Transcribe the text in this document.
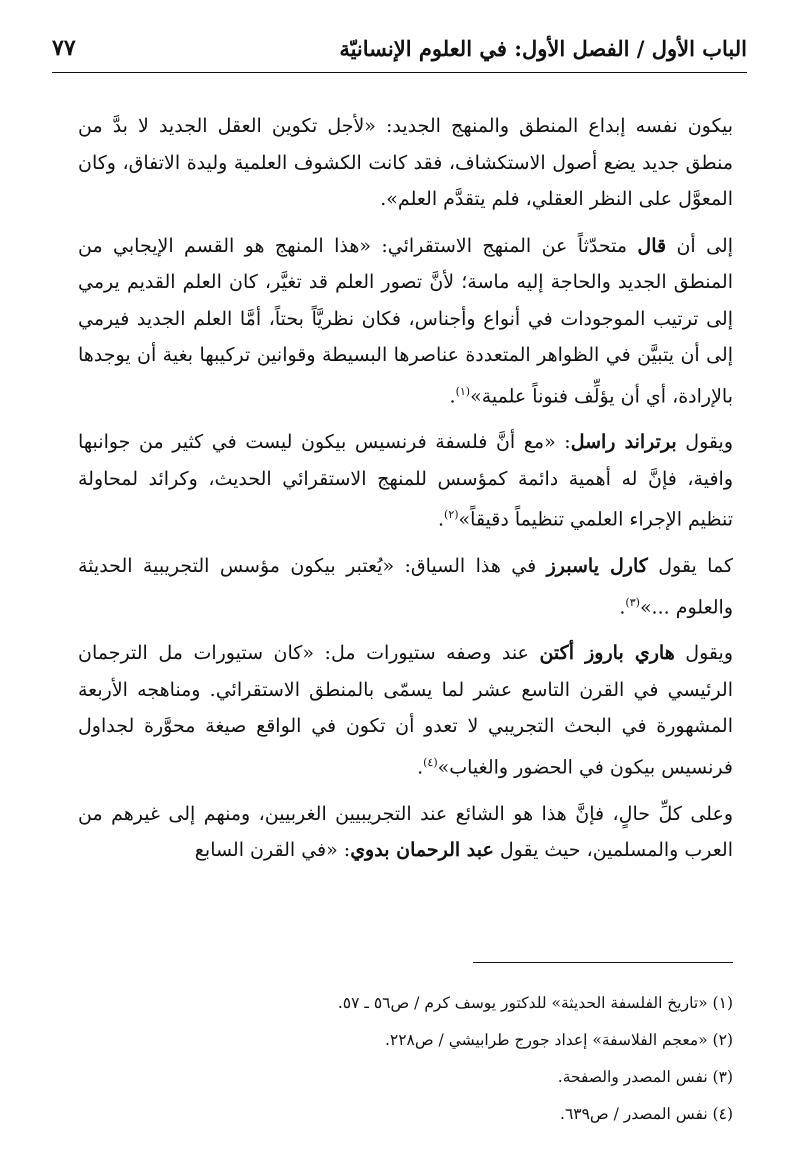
٧٧	الباب الأول / الفصل الأول: في العلوم الإنسانيّة

بيكون نفسه إبداع المنطق والمنهج الجديد: «لأجل تكوين العقل الجديد لا بدَّ من منطق جديد يضع أصول الاستكشاف، فقد كانت الكشوف العلمية وليدة الاتفاق، وكان المعوَّل على النظر العقلي، فلم يتقدَّم العلم».

إلى أن قال متحدّثاً عن المنهج الاستقرائي: «هذا المنهج هو القسم الإيجابي من المنطق الجديد والحاجة إليه ماسة؛ لأنَّ تصور العلم قد تغيَّر، كان العلم القديم يرمي إلى ترتيب الموجودات في أنواع وأجناس، فكان نظريَّاً بحتاً، أمَّا العلم الجديد فيرمي إلى أن يتبيَّن في الظواهر المتعددة عناصرها البسيطة وقوانين تركيبها بغية أن يوجدها بالإرادة، أي أن يؤلِّف فنوناً علمية»$^{(١)}$.

ويقول برتراند راسل: «مع أنَّ فلسفة فرنسيس بيكون ليست في كثير من جوانبها وافية، فإنَّ له أهمية دائمة كمؤسس للمنهج الاستقرائي الحديث، وكرائد لمحاولة تنظيم الإجراء العلمي تنظيماً دقيقاً»$^{(٢)}$.

كما يقول كارل ياسبرز في هذا السياق: «يُعتبر بيكون مؤسس التجريبية الحديثة والعلوم ...»$^{(٣)}$.

ويقول هاري باروز أكتن عند وصفه ستيورات مل: «كان ستيورات مل الترجمان الرئيسي في القرن التاسع عشر لما يسمّى بالمنطق الاستقرائي. ومناهجه الأربعة المشهورة في البحث التجريبي لا تعدو أن تكون في الواقع صيغة محوَّرة لجداول فرنسيس بيكون في الحضور والغياب»$^{(٤)}$.

وعلى كلِّ حالٍ، فإنَّ هذا هو الشائع عند التجريبيين الغربيين، ومنهم إلى غيرهم من العرب والمسلمين، حيث يقول عبد الرحمان بدوي: «في القرن السابع

(١) «تاريخ الفلسفة الحديثة» للدكتور يوسف كرم / ص٥٦ ـ ٥٧.
(٢) «معجم الفلاسفة» إعداد جورج طرابيشي / ص٢٢٨.
(٣) نفس المصدر والصفحة.
(٤) نفس المصدر / ص٦٣٩.
